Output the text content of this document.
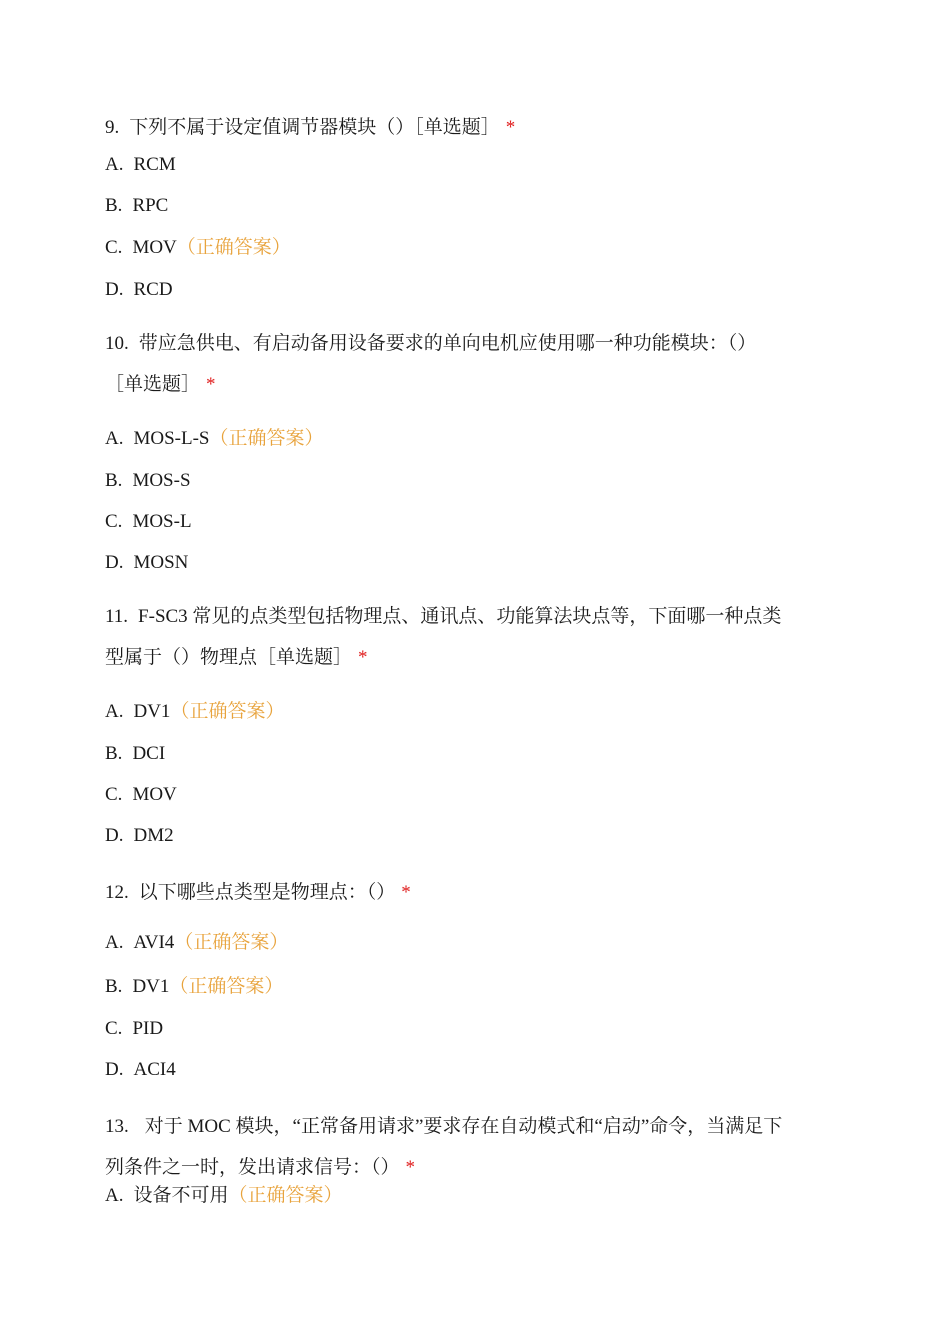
9. 下列不属于设定值调节器模块（）［单选题］ *
A. RCM
B. RPC
C. MOV（正确答案）
D. RCD
10. 带应急供电、有启动备用设备要求的单向电机应使用哪一种功能模块：（）
［单选题］ *
A. MOS-L-S（正确答案）
B. MOS-S
C. MOS-L
D. MOSN
11. F-SC3 常见的点类型包括物理点、通讯点、功能算法块点等，下面哪一种点类
型属于（）物理点［单选题］ *
A. DV1（正确答案）
B. DCI
C. MOV
D. DM2
12. 以下哪些点类型是物理点：（） *
A. AVI4（正确答案）
B. DV1（正确答案）
C. PID
D. ACI4
13. 对于 MOC 模块，“正常备用请求”要求存在自动模式和“启动”命令，当满足下
列条件之一时，发出请求信号：（） *
A. 设备不可用（正确答案）
